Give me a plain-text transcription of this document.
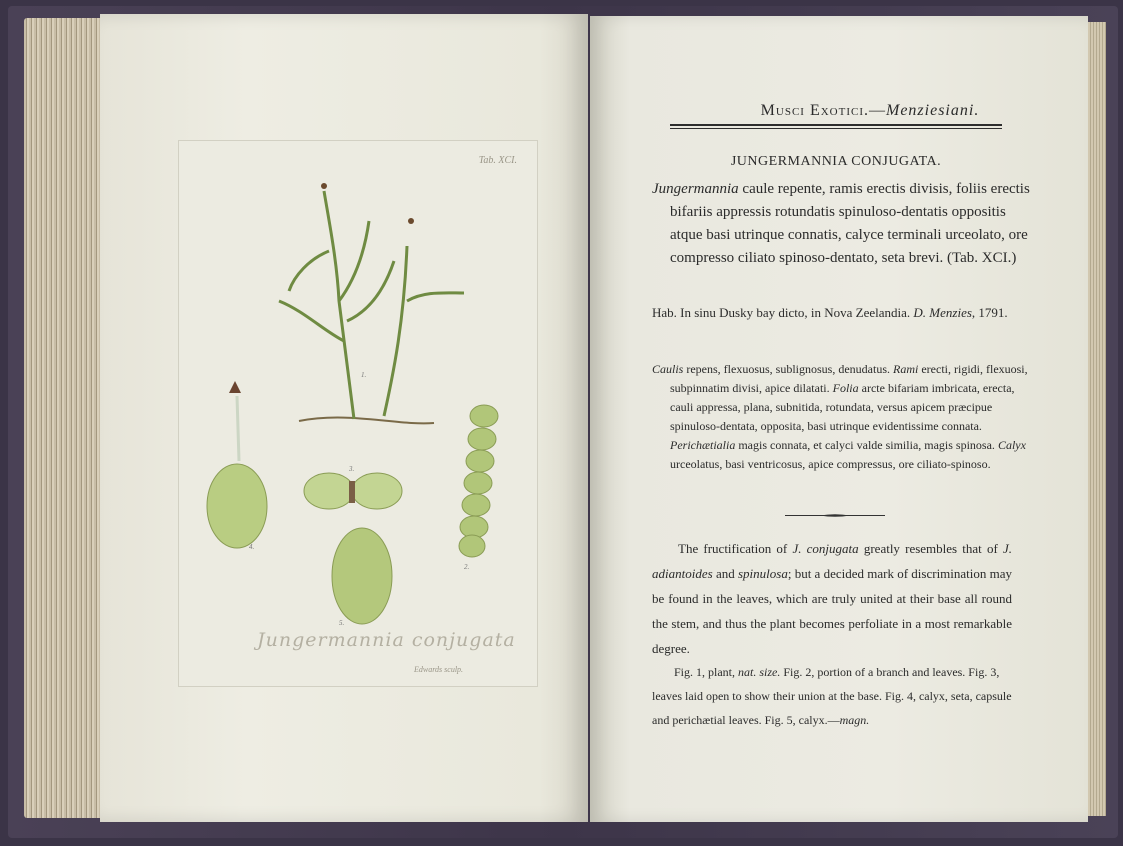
Tab. XCI.
1.
2.
3.
4.
5.
Jungermannia conjugata
Edwards sculp.
Musci Exotici.—Menziesiani.
JUNGERMANNIA CONJUGATA.
Jungermannia caule repente, ramis erectis divisis, foliis erectis bifariis appressis rotundatis spinuloso-dentatis oppositis atque basi utrinque connatis, calyce terminali urceolato, ore compresso ciliato spinoso-dentato, seta brevi. (Tab. XCI.)
Hab. In sinu Dusky bay dicto, in Nova Zeelandia. D. Menzies, 1791.
Caulis repens, flexuosus, sublignosus, denudatus. Rami erecti, rigidi, flexuosi, subpinnatim divisi, apice dilatati. Folia arcte bifariam imbricata, erecta, cauli appressa, plana, subnitida, rotundata, versus apicem præcipue spinuloso-dentata, opposita, basi utrinque evidentissime connata. Perichætialia magis connata, et calyci valde similia, magis spinosa. Calyx urceolatus, basi ventricosus, apice compressus, ore ciliato-spinoso.
The fructification of J. conjugata greatly resembles that of J. adiantoides and spinulosa; but a decided mark of discrimination may be found in the leaves, which are truly united at their base all round the stem, and thus the plant becomes perfoliate in a most remarkable degree.
Fig. 1, plant, nat. size. Fig. 2, portion of a branch and leaves. Fig. 3, leaves laid open to show their union at the base. Fig. 4, calyx, seta, capsule and perichætial leaves. Fig. 5, calyx.—magn.
